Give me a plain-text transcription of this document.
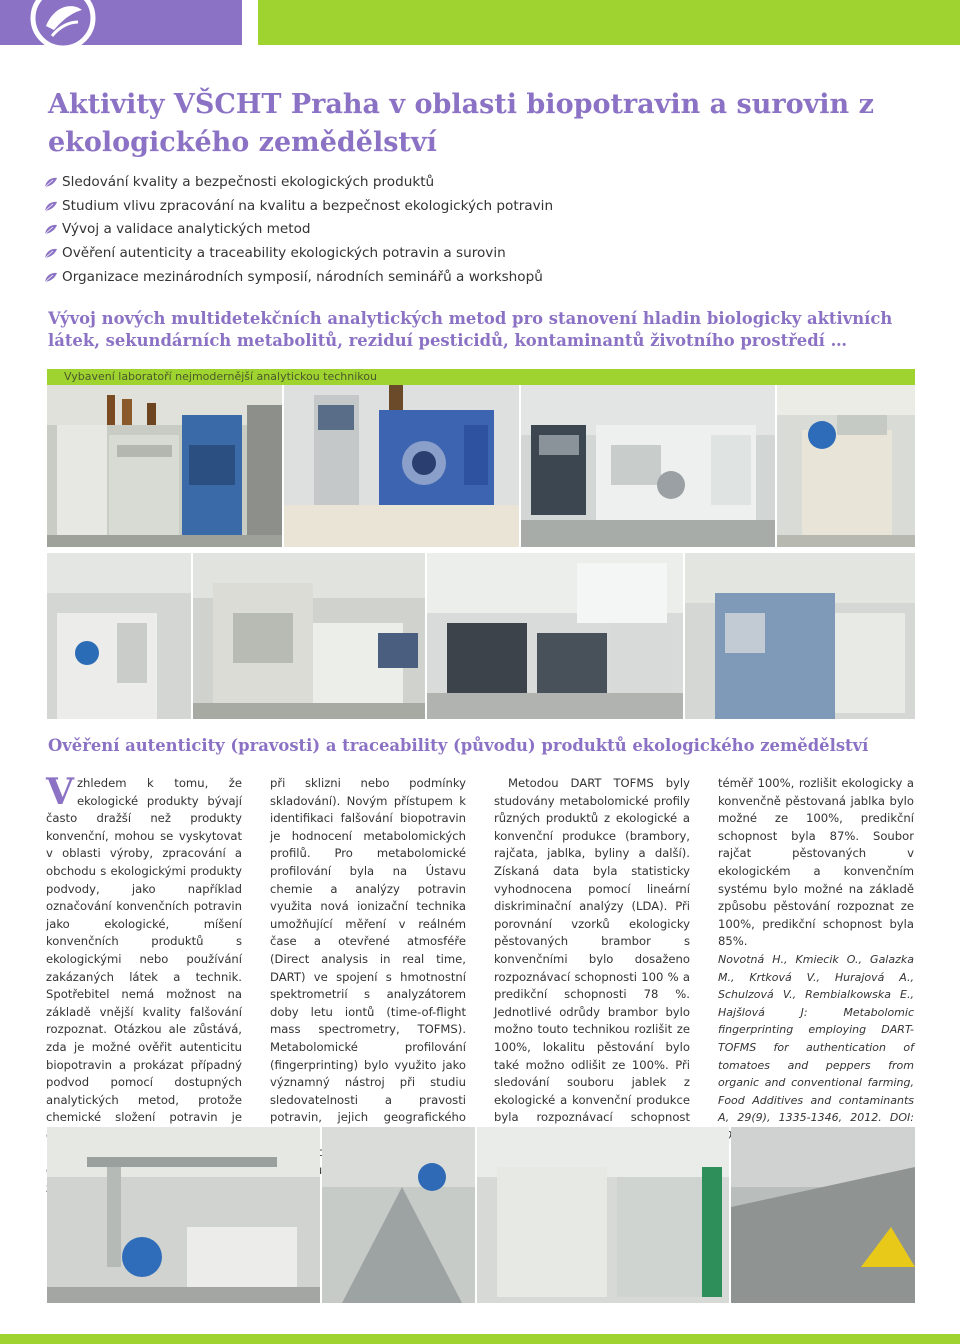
Aktivity VŠCHT Praha v oblasti biopotravin a surovin z ekologického zemědělství
Sledování kvality a bezpečnosti ekologických produktů
Studium vlivu zpracování na kvalitu a bezpečnost ekologických potravin
Vývoj a validace analytických metod
Ověření autenticity a traceability ekologických potravin a surovin
Organizace mezinárodních symposií, národních seminářů a workshopů
Vývoj nových multidetekčních analytických metod pro stanovení hladin biologicky aktivních látek, sekundárních metabolitů, reziduí pesticidů, kontaminantů životního prostředí …
Vybavení laboratoří nejmodernější analytickou technikou
Ověření autenticity (pravosti) a traceability (původu) produktů ekologického zemědělství

Vzhledem k tomu, že ekologické produkty bývají často dražší než produkty konvenční, mohou se vyskytovat v oblasti výroby, zpracování a obchodu s ekologickými produkty podvody, jako například označování konvenčních potravin jako ekologické, míšení konvenčních produktů s ekologickými nebo používání zakázaných látek a technik. Spotřebitel nemá možnost na základě vnější kvality falšování rozpoznat. Otázkou ale zůstává, zda je možné ověřit autenticitu biopotravin a prokázat případný podvod pomocí dostupných analytických metod, protože chemické složení potravin je

při sklizni nebo podmínky skladování). Novým přístupem k identifikaci falšování biopotravin je hodnocení metabolomických profilů. Pro metabolomické profilování byla na Ústavu chemie a analýzy potravin využita nová ionizační technika umožňující měření v reálném čase a otevřené atmosféře (Direct analysis in real time, DART) ve spojení s hmotnostní spektrometrií s analyzátorem doby letu iontů (time-of-flight mass spectrometry, TOFMS). Metabolomické profilování (fingerprinting) bylo využito jako významný nástroj při studiu sledovatelnosti a pravosti potravin, jejich geografického

Metodou DART TOFMS byly studovány metabolomické profily různých produktů z ekologické a konvenční produkce (brambory, rajčata, jablka, byliny a další). Získaná data byla statisticky vyhodnocena pomocí lineární diskriminační analýzy (LDA). Při porovnání vzorků ekologicky pěstovaných brambor s konvenčními bylo dosaženo rozpoznávací schopnosti 100 % a predikční schopnosti 78 %. Jednotlivé odrůdy brambor bylo možno touto technikou rozlišit ze 100%, lokalitu pěstování bylo také možno odlišit ze 100%. Při sledování souboru jablek z ekologické a konvenční produkce byla rozpoznávací schopnost

téměř 100%, rozlišit ekologicky a konvenčně pěstovaná jablka bylo možné ze 100%, predikční schopnost byla 87%. Soubor rajčat pěstovaných v ekologickém a konvenčním systému bylo možné na základě způsobu pěstování rozpoznat ze 100%, predikční schopnost byla 85%.

Novotná H., Kmiecik O., Galazka M., Krtková V., Hurajová A., Schulzová V., Rembialkowska E., Hajšlová J: Metabolomic fingerprinting employing DART-TOFMS for authentication of tomatoes and peppers from organic and conventional farming, Food Additives and contaminants A, 29(9), 1335-1346, 2012. DOI:
